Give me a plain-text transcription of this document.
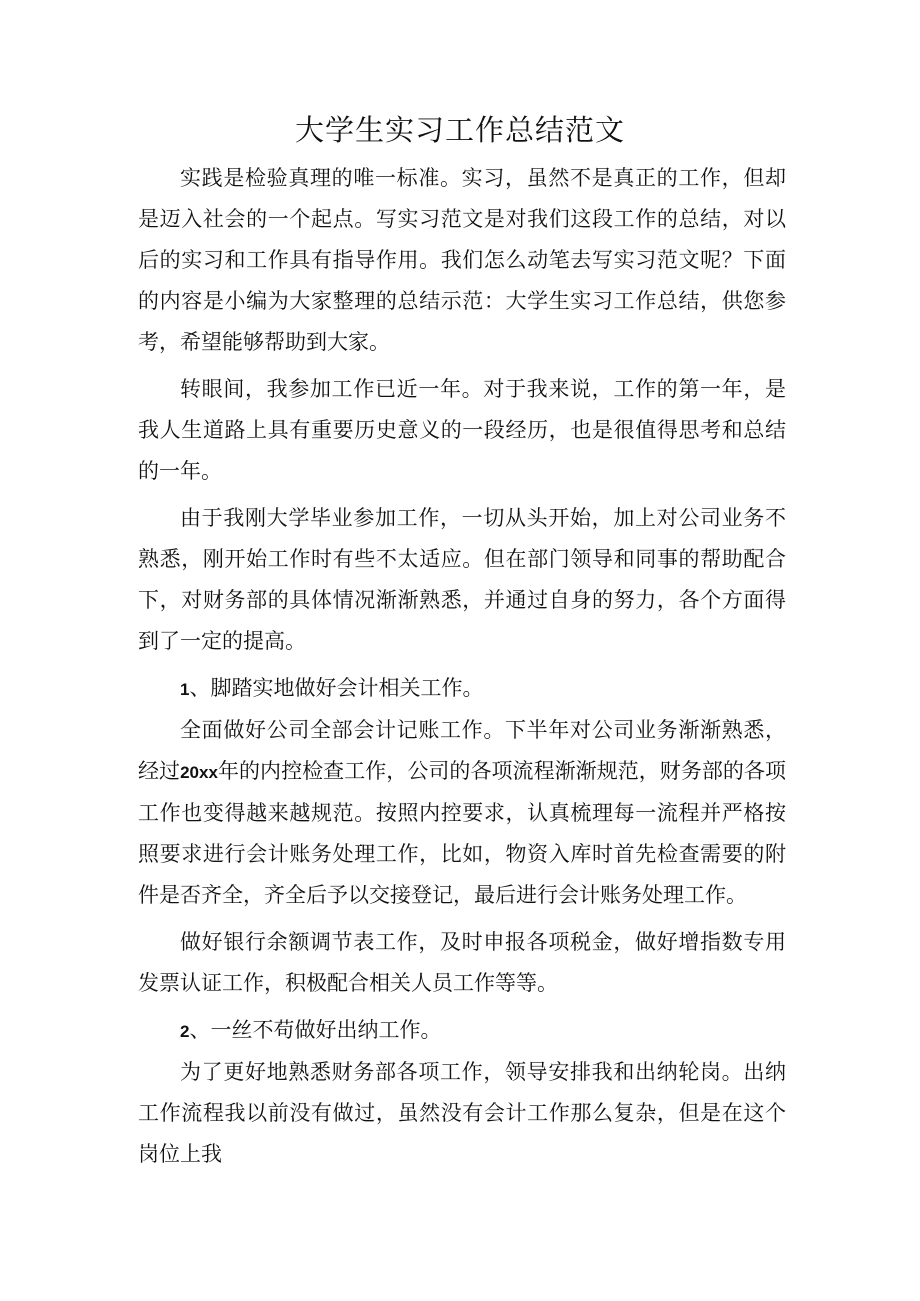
大学生实习工作总结范文

实践是检验真理的唯一标准。实习，虽然不是真正的工作，但却是迈入社会的一个起点。写实习范文是对我们这段工作的总结，对以后的实习和工作具有指导作用。我们怎么动笔去写实习范文呢？下面的内容是小编为大家整理的总结示范：大学生实习工作总结，供您参考，希望能够帮助到大家。

转眼间，我参加工作已近一年。对于我来说，工作的第一年，是我人生道路上具有重要历史意义的一段经历，也是很值得思考和总结的一年。

由于我刚大学毕业参加工作，一切从头开始，加上对公司业务不熟悉，刚开始工作时有些不太适应。但在部门领导和同事的帮助配合下，对财务部的具体情况渐渐熟悉，并通过自身的努力，各个方面得到了一定的提高。

1、脚踏实地做好会计相关工作。

全面做好公司全部会计记账工作。下半年对公司业务渐渐熟悉，经过20xx年的内控检查工作，公司的各项流程渐渐规范，财务部的各项工作也变得越来越规范。按照内控要求，认真梳理每一流程并严格按照要求进行会计账务处理工作，比如，物资入库时首先检查需要的附件是否齐全，齐全后予以交接登记，最后进行会计账务处理工作。

做好银行余额调节表工作，及时申报各项税金，做好增指数专用发票认证工作，积极配合相关人员工作等等。

2、一丝不苟做好出纳工作。

为了更好地熟悉财务部各项工作，领导安排我和出纳轮岗。出纳工作流程我以前没有做过，虽然没有会计工作那么复杂，但是在这个岗位上我
